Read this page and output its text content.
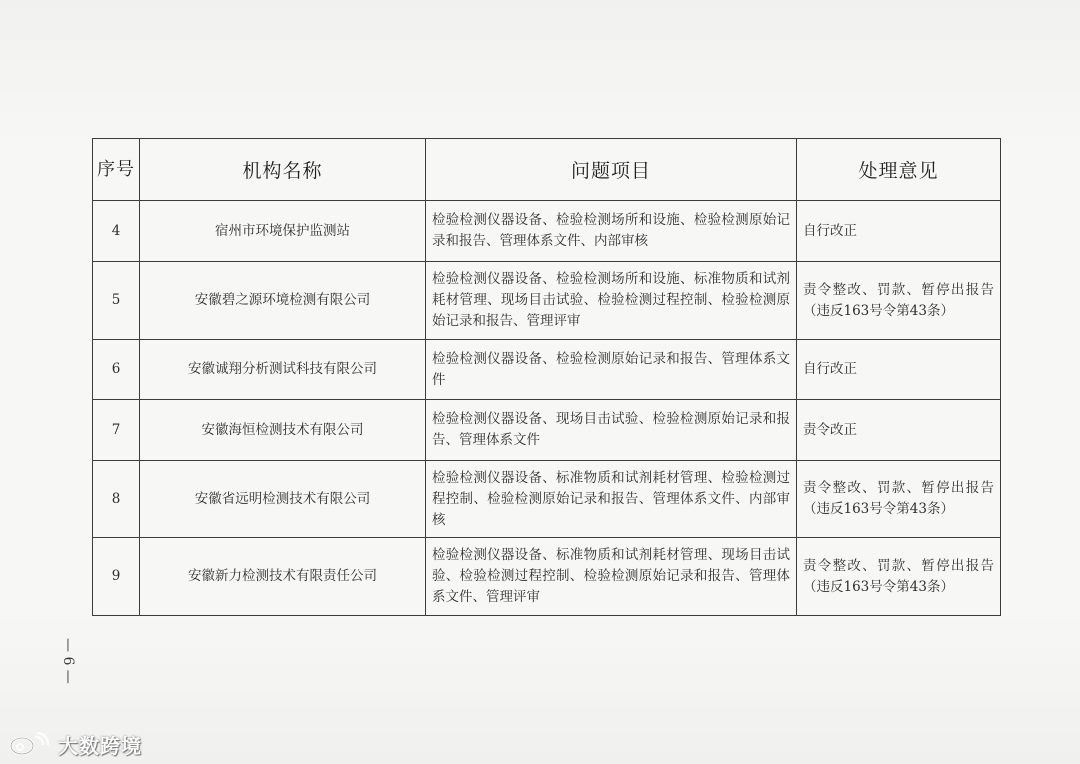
序号	机构名称	问题项目	处理意见
4	宿州市环境保护监测站	检验检测仪器设备、检验检测场所和设施、检验检测原始记录和报告、管理体系文件、内部审核	自行改正
5	安徽碧之源环境检测有限公司	检验检测仪器设备、检验检测场所和设施、标准物质和试剂耗材管理、现场目击试验、检验检测过程控制、检验检测原始记录和报告、管理评审	责令整改、罚款、暂停出报告（违反163号令第43条）
6	安徽诚翔分析测试科技有限公司	检验检测仪器设备、检验检测原始记录和报告、管理体系文件	自行改正
7	安徽海恒检测技术有限公司	检验检测仪器设备、现场目击试验、检验检测原始记录和报告、管理体系文件	责令改正
8	安徽省远明检测技术有限公司	检验检测仪器设备、标准物质和试剂耗材管理、检验检测过程控制、检验检测原始记录和报告、管理体系文件、内部审核	责令整改、罚款、暂停出报告（违反163号令第43条）
9	安徽新力检测技术有限责任公司	检验检测仪器设备、标准物质和试剂耗材管理、现场目击试验、检验检测过程控制、检验检测原始记录和报告、管理体系文件、管理评审	责令整改、罚款、暂停出报告（违反163号令第43条）
— 6 —
大数跨境
